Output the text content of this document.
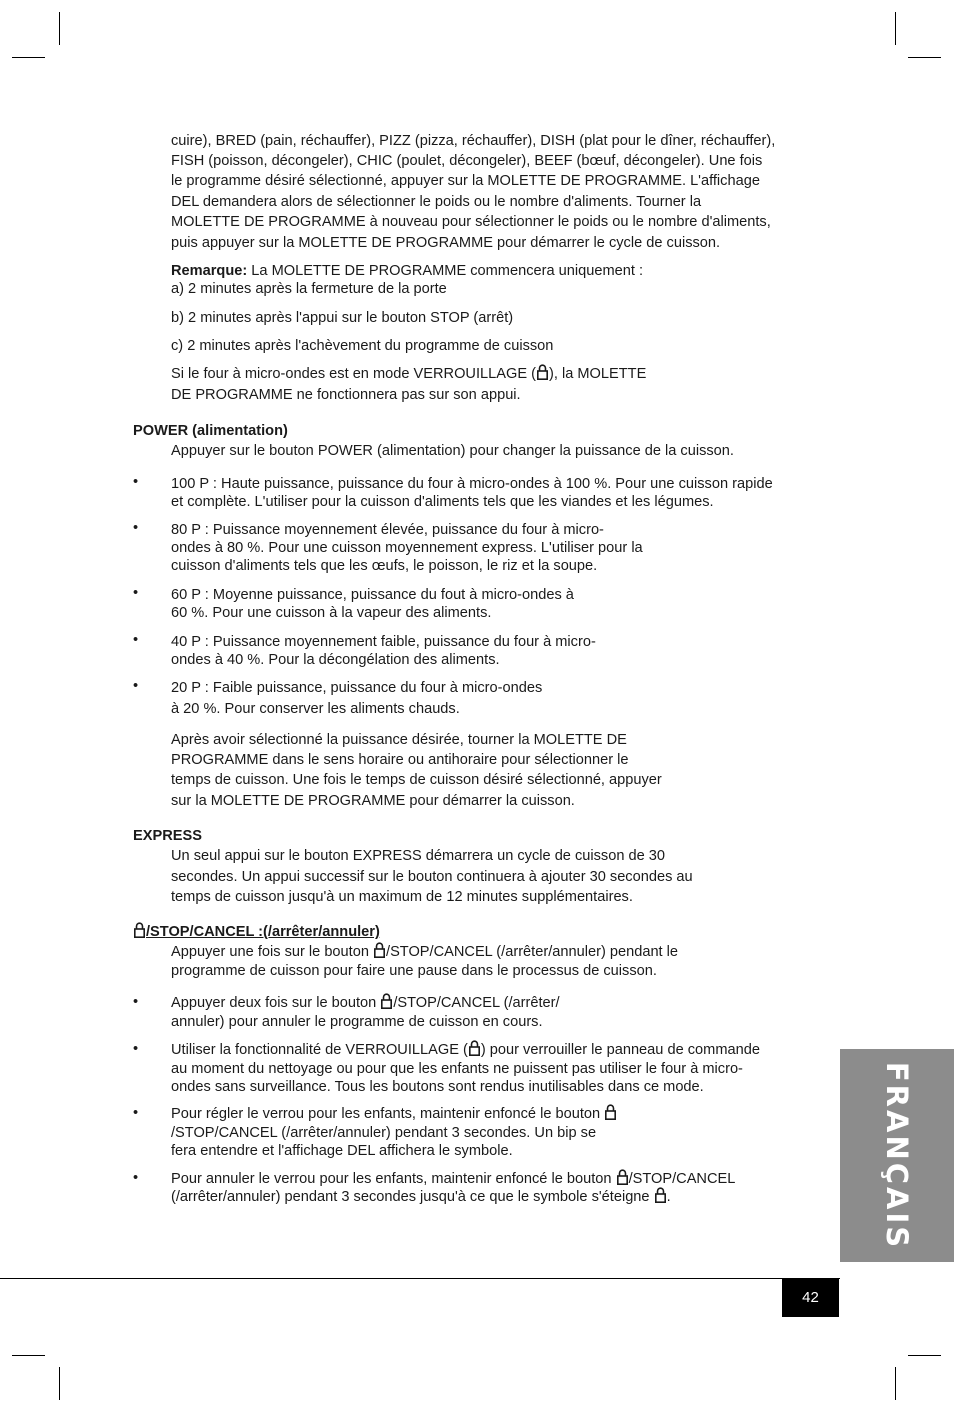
cuire), BRED (pain, réchauffer), PIZZ (pizza, réchauffer), DISH (plat pour le dîner, réchauffer),
FISH (poisson, décongeler), CHIC (poulet, décongeler), BEEF (bœuf, décongeler). Une fois
le programme désiré sélectionné, appuyer sur la MOLETTE DE PROGRAMME. L'affichage
DEL demandera alors de sélectionner le poids ou le nombre d'aliments. Tourner la
MOLETTE DE PROGRAMME à nouveau pour sélectionner le poids ou le nombre d'aliments,
puis appuyer sur la MOLETTE DE PROGRAMME pour démarrer le cycle de cuisson.
Remarque: La MOLETTE DE PROGRAMME commencera uniquement :
a) 2 minutes après la fermeture de la porte
b) 2 minutes après l'appui sur le bouton STOP (arrêt)
c) 2 minutes après l'achèvement du programme de cuisson
Si le four à micro-ondes est en mode VERROUILLAGE ( ), la MOLETTE
DE PROGRAMME ne fonctionnera pas sur son appui.
POWER (alimentation)
Appuyer sur le bouton POWER (alimentation) pour changer la puissance de la cuisson.
• 100 P : Haute puissance, puissance du four à micro-ondes à 100 %. Pour une cuisson rapide
et complète. L'utiliser pour la cuisson d'aliments tels que les viandes et les légumes.
• 80 P : Puissance moyennement élevée, puissance du four à micro-
ondes à 80 %. Pour une cuisson moyennement express. L'utiliser pour la
cuisson d'aliments tels que les œufs, le poisson, le riz et la soupe.
• 60 P : Moyenne puissance, puissance du fout à micro-ondes à
60 %. Pour une cuisson à la vapeur des aliments.
• 40 P : Puissance moyennement faible, puissance du four à micro-
ondes à 40 %. Pour la décongélation des aliments.
• 20 P : Faible puissance, puissance du four à micro-ondes
à 20 %. Pour conserver les aliments chauds.
Après avoir sélectionné la puissance désirée, tourner la MOLETTE DE
PROGRAMME dans le sens horaire ou antihoraire pour sélectionner le
temps de cuisson. Une fois le temps de cuisson désiré sélectionné, appuyer
sur la MOLETTE DE PROGRAMME pour démarrer la cuisson.
EXPRESS
Un seul appui sur le bouton EXPRESS démarrera un cycle de cuisson de 30
secondes. Un appui successif sur le bouton continuera à ajouter 30 secondes au
temps de cuisson jusqu'à un maximum de 12 minutes supplémentaires.
/STOP/CANCEL :(/arrêter/annuler)
Appuyer une fois sur le bouton /STOP/CANCEL (/arrêter/annuler) pendant le
programme de cuisson pour faire une pause dans le processus de cuisson.
• Appuyer deux fois sur le bouton /STOP/CANCEL (/arrêter/
annuler) pour annuler le programme de cuisson en cours.
• Utiliser la fonctionnalité de VERROUILLAGE ( ) pour verrouiller le panneau de commande
au moment du nettoyage ou pour que les enfants ne puissent pas utiliser le four à micro-
ondes sans surveillance. Tous les boutons sont rendus inutilisables dans ce mode.
• Pour régler le verrou pour les enfants, maintenir enfoncé le bouton
/STOP/CANCEL (/arrêter/annuler) pendant 3 secondes. Un bip se
fera entendre et l'affichage DEL affichera le symbole.
• Pour annuler le verrou pour les enfants, maintenir enfoncé le bouton /STOP/CANCEL
(/arrêter/annuler) pendant 3 secondes jusqu'à ce que le symbole s'éteigne .	FRANÇAIS
42
